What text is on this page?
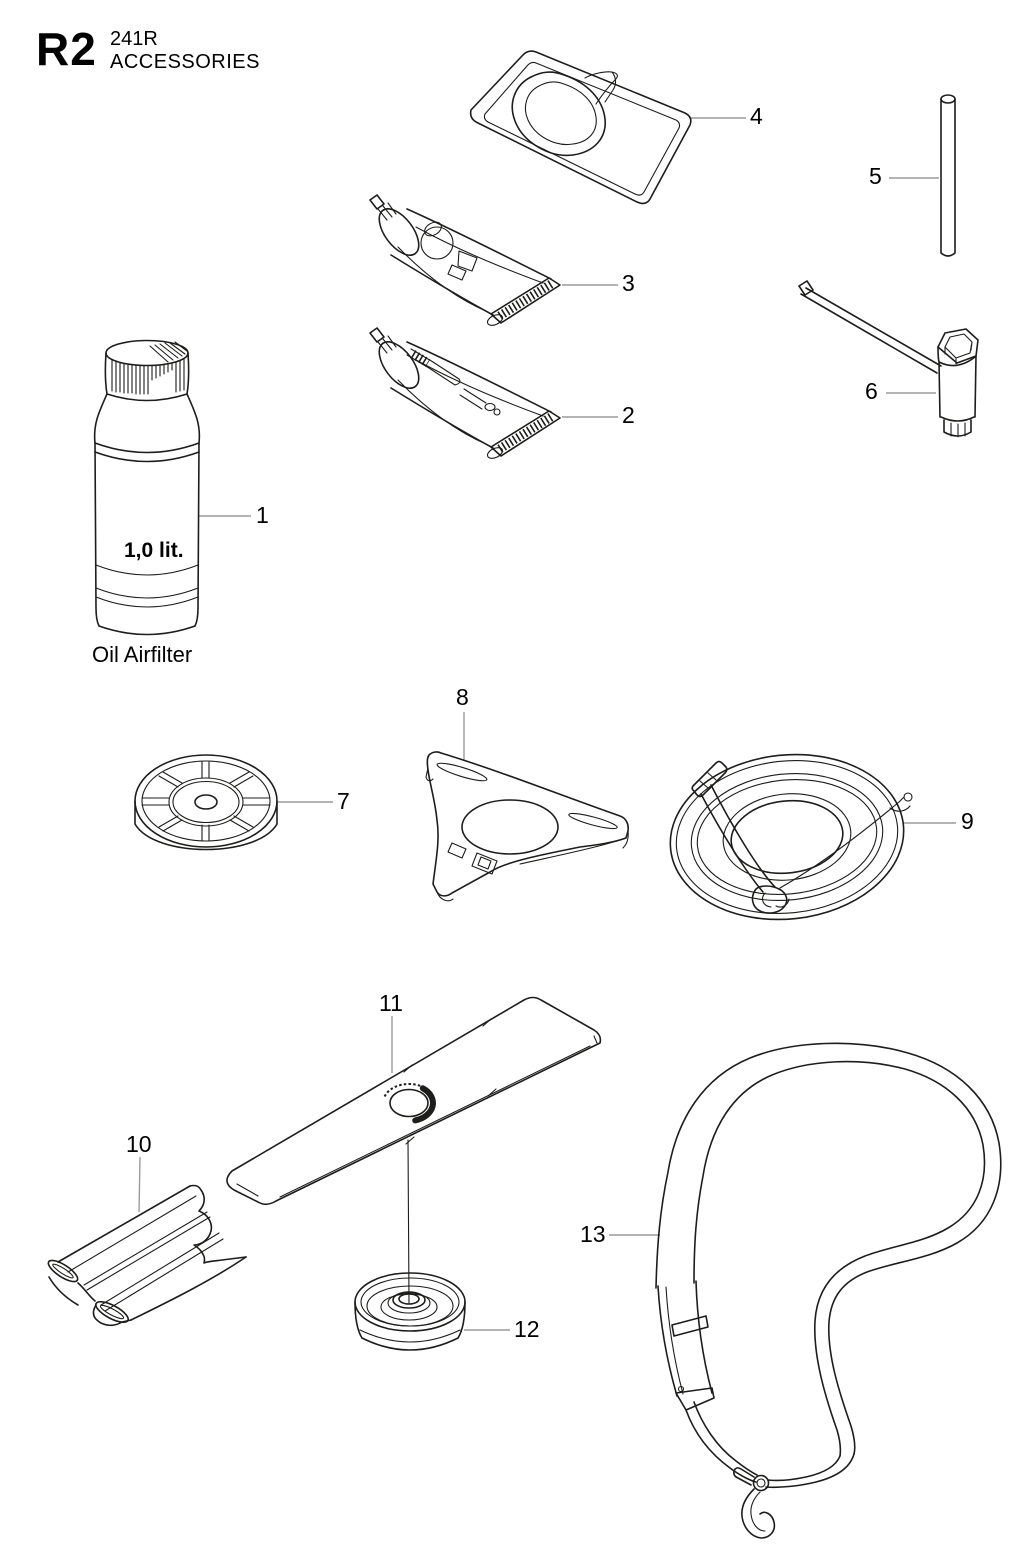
R2 241R
ACCESSORIES
1,0 lit.
Oil Airfilter
1
2
3
4
5
6
7
8
9
10
11
12
13
